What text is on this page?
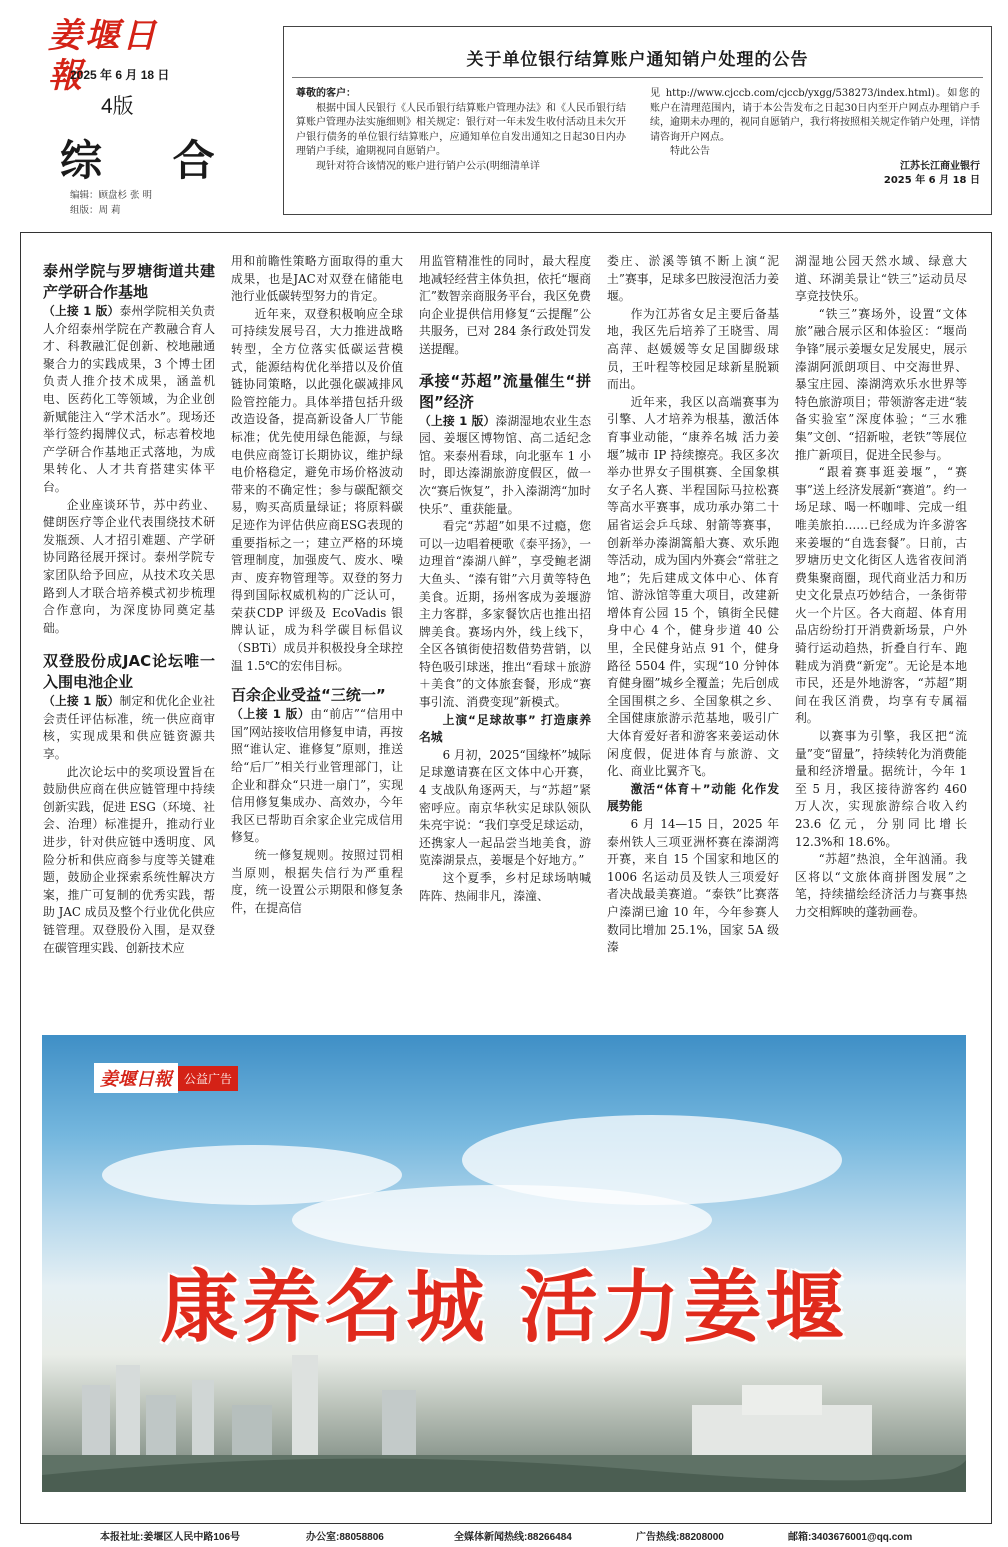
姜堰日報
2025 年 6 月 18 日
4版
综 合
编辑：顾盘杉 张 明
组版：周 莉
关于单位银行结算账户通知销户处理的公告

尊敬的客户：

根据中国人民银行《人民币银行结算账户管理办法》和《人民币银行结算账户管理办法实施细则》相关规定：银行对一年未发生收付活动且未欠开户银行债务的单位银行结算账户，应通知单位自发出通知之日起30日内办理销户手续，逾期视同自愿销户。

现针对符合该情况的账户进行销户公示(明细清单详

见 http://www.cjccb.com/cjccb/yxgg/538273/index.html)。如您的账户在清理范围内，请于本公告发布之日起30日内至开户网点办理销户手续，逾期未办理的，视同自愿销户，我行将按照相关规定作销户处理，详情请咨询开户网点。

特此公告

江苏长江商业银行

2025 年 6 月 18 日

泰州学院与罗塘街道共建产学研合作基地

（上接 1 版）泰州学院相关负责人介绍泰州学院在产教融合育人才、科教融汇促创新、校地融通聚合力的实践成果，3 个博士团负责人推介技术成果，涵盖机电、医药化工等领域，为企业创新赋能注入“学术活水”。现场还举行签约揭牌仪式，标志着校地产学研合作基地正式落地，为成果转化、人才共育搭建实体平台。

企业座谈环节，苏中药业、健朗医疗等企业代表围绕技术研发瓶颈、人才招引难题、产学研协同路径展开探讨。泰州学院专家团队给予回应，从技术攻关思路到人才联合培养模式初步梳理合作意向，为深度协同奠定基础。

双登股份成JAC论坛唯一入围电池企业

（上接 1 版）制定和优化企业社会责任评估标准，统一供应商审核，实现成果和供应链资源共享。

此次论坛中的奖项设置旨在鼓励供应商在供应链管理中持续创新实践，促进 ESG（环境、社会、治理）标准提升，推动行业进步，针对供应链中透明度、风险分析和供应商参与度等关键难题，鼓励企业探索系统性解决方案，推广可复制的优秀实践，帮助 JAC 成员及整个行业优化供应链管理。双登股份入围，是双登在碳管理实践、创新技术应

用和前瞻性策略方面取得的重大成果，也是JAC对双登在储能电池行业低碳转型努力的肯定。

近年来，双登积极响应全球可持续发展号召，大力推进战略转型，全方位落实低碳运营模式，能源结构优化举措以及价值链协同策略，以此强化碳减排风险管控能力。具体举措包括升级改造设备，提高新设备人厂节能标准；优先使用绿色能源，与绿电供应商签订长期协议，维护绿电价格稳定，避免市场价格波动带来的不确定性；参与碳配额交易，购买高质量绿证；将原料碳足迹作为评估供应商ESG表现的重要指标之一；建立严格的环境管理制度，加强废气、废水、噪声、废弃物管理等。双登的努力得到国际权威机构的广泛认可，荣获CDP 评级及 EcoVadis 银牌认证，成为科学碳目标倡议（SBTi）成员并积极投身全球控温 1.5℃的宏伟目标。

百余企业受益“三统一”

（上接 1 版）由“前店”“信用中国”网站接收信用修复申请，再按照“谁认定、谁修复”原则，推送给“后厂”相关行业管理部门，让企业和群众“只进一扇门”，实现信用修复集成办、高效办，今年我区已帮助百余家企业完成信用修复。

统一修复规则。按照过罚相当原则，根据失信行为严重程度，统一设置公示期限和修复条件，在提高信

用监管精准性的同时，最大程度地减轻经营主体负担，依托“堰商汇”数智亲商服务平台，我区免费向企业提供信用修复“云提醒”公共服务，已对 284 条行政处罚发送提醒。

承接“苏超”流量催生“拼图”经济

（上接 1 版）溱湖湿地农业生态园、姜堰区博物馆、高二适纪念馆。来泰州看球，向北驱车 1 小时，即达溱湖旅游度假区，做一次“赛后恢复”，扑入溱湖湾“加时快乐”、重获能量。

看完“苏超”如果不过瘾，您可以一边唱着梗歌《泰平扬》，一边理首“溱湖八鲜”，享受鲍老湖大鱼头、“溱有钳”六月黄等特色美食。近期，扬州客成为姜堰游主力客群，多家餐饮店也推出招牌美食。赛场内外，线上线下，全区各镇街使招数借势营销，以特色吸引球迷，推出“看球＋旅游＋美食”的文体旅套餐，形成“赛事引流、消费变现”新模式。

上演“足球故事” 打造康养名城

6 月初，2025“国缘杯”城际足球邀请赛在区文体中心开赛，4 支战队角逐两天，与“苏超”紧密呼应。南京华秋实足球队领队朱亮宇说：“我们享受足球运动，还携家人一起品尝当地美食，游览溱湖景点，姜堰是个好地方。”

这个夏季，乡村足球场呐喊阵阵、热闹非凡，溱潼、

娄庄、淤溪等镇不断上演“泥土”赛事，足球多巴胺浸泡活力姜堰。

作为江苏省女足主要后备基地，我区先后培养了王晓雪、周高萍、赵媛媛等女足国脚级球员，王叶程等校园足球新星脱颖而出。

近年来，我区以高端赛事为引擎、人才培养为根基，激活体育事业动能，“康养名城 活力姜堰”城市 IP 持续擦亮。我区多次举办世界女子围棋赛、全国象棋女子名人赛、半程国际马拉松赛等高水平赛事，成功承办第二十届省运会乒乓球、射箭等赛事，创新举办溱湖篙船大赛、欢乐跑等活动，成为国内外赛会“常驻之地”；先后建成文体中心、体育馆、游泳馆等重大项目，改建新增体育公园 15 个，镇街全民健身中心 4 个，健身步道 40 公里，全民健身站点 91 个，健身路径 5504 件，实现“10 分钟体育健身圈”城乡全覆盖；先后创成全国围棋之乡、全国象棋之乡、全国健康旅游示范基地，吸引广大体育爱好者和游客来姜运动休闲度假，促进体育与旅游、文化、商业比翼齐飞。

激活“体育＋”动能 化作发展势能

6 月 14—15 日，2025 年泰州铁人三项亚洲杯赛在溱湖湾开赛，来自 15 个国家和地区的 1006 名运动员及铁人三项爱好者决战最美赛道。“泰铁”比赛落户溱湖已逾 10 年，今年参赛人数同比增加 25.1%，国家 5A 级溱

湖湿地公园天然水域、绿意大道、环湖美景让“铁三”运动员尽享竞技快乐。

“铁三”赛场外，设置“文体旅”融合展示区和体验区：“堰尚争锋”展示姜堰女足发展史，展示溱湖阿派朗项目、中交海世界、暴宝庄园、溱湖湾欢乐水世界等特色旅游项目；带领游客走进“装备实验室”深度体验；“三水雅集”文创、“招新啦，老铁”等展位推广新项目，促进全民参与。

“跟着赛事逛姜堰”，“赛事”送上经济发展新“赛道”。约一场足球、喝一杯咖啡、完成一组唯美旅拍……已经成为许多游客来姜堰的“自选套餐”。日前，古罗塘历史文化街区人选省夜间消费集聚商圈，现代商业活力和历史文化景点巧妙结合，一条街带火一个片区。各大商超、体育用品店纷纷打开消费新场景，户外骑行运动趋热，折叠自行车、跑鞋成为消费“新宠”。无论是本地市民，还是外地游客，“苏超”期间在我区消费，均享有专属福利。

以赛事为引擎，我区把“流量”变“留量”，持续转化为消费能量和经济增量。据统计，今年 1 至 5 月，我区接待游客约 460 万人次，实现旅游综合收入约 23.6 亿元，分别同比增长 12.3%和 18.6%。

“苏超”热浪，全年汹涌。我区将以“文旅体商拼图发展”之笔，持续描绘经济活力与赛事热力交相辉映的蓬勃画卷。

姜堰日報	公益广告
康养名城 活力姜堰
本报社址:姜堰区人民中路106号	办公室:88058806	全媒体新闻热线:88266484	广告热线:88208000	邮箱:3403676001@qq.com
